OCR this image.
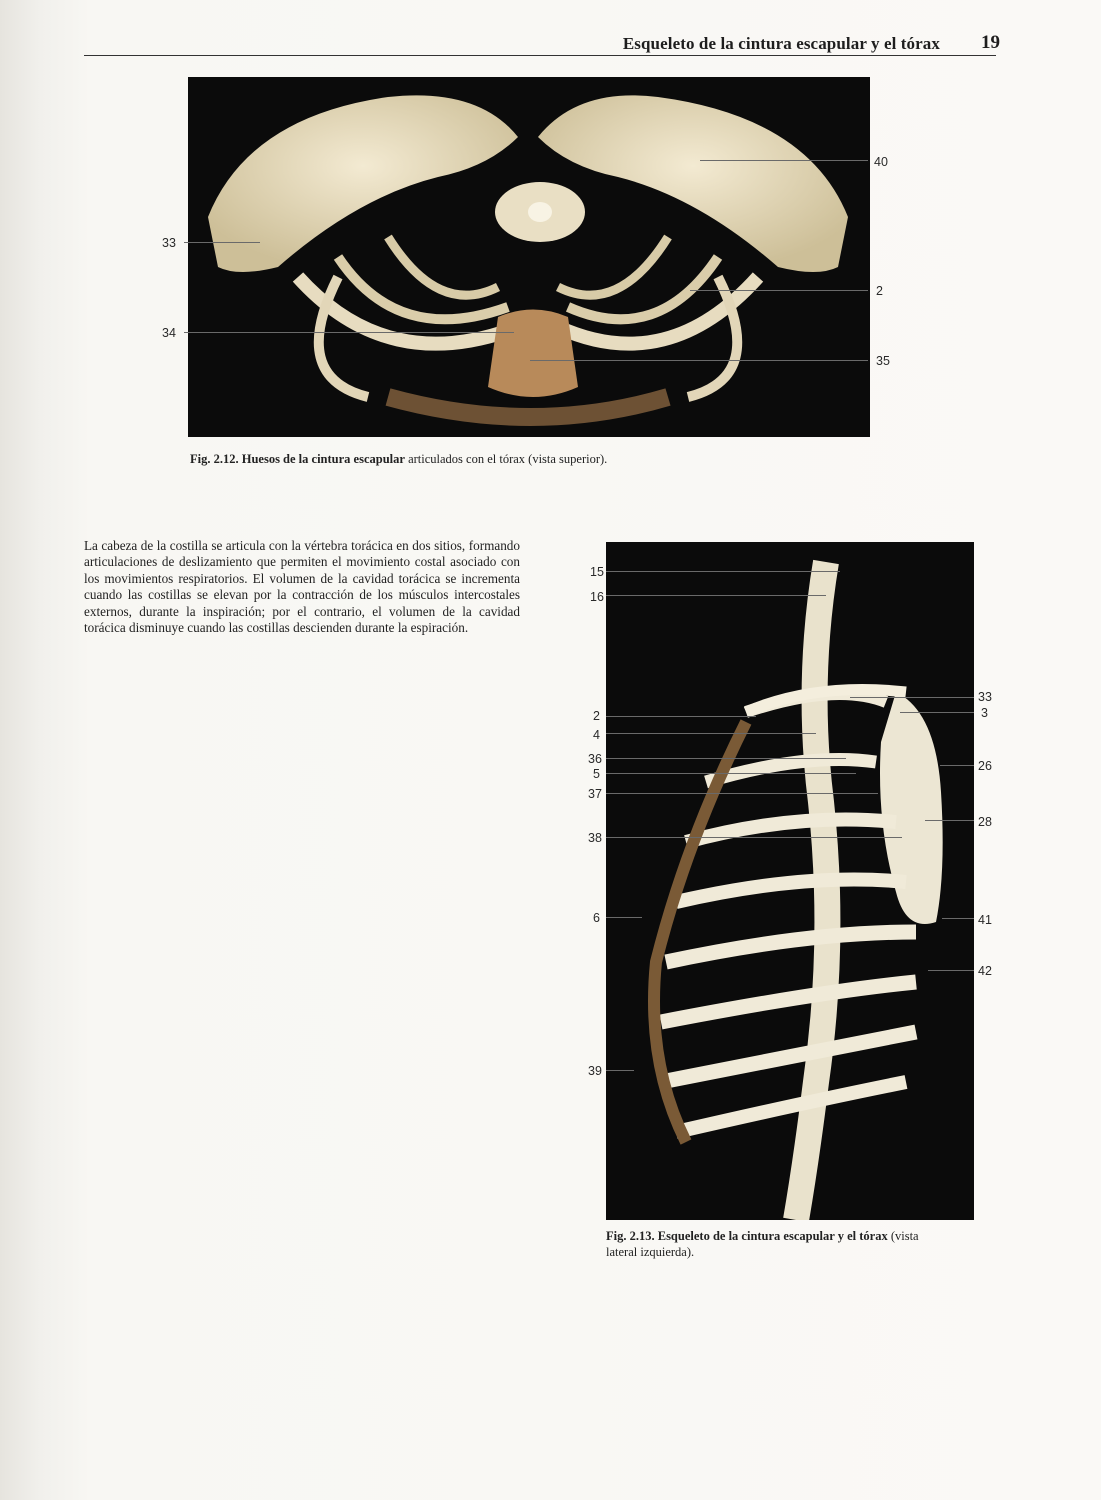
Esqueleto de la cintura escapular y el tórax	19
40
33
2
34
35
Fig. 2.12. Huesos de la cintura escapular articulados con el tórax (vista superior).
La cabeza de la costilla se articula con la vértebra torácica en dos sitios, formando articulaciones de deslizamiento que permiten el movimiento costal asociado con los movimientos respiratorios. El volumen de la cavidad torácica se incrementa cuando las costillas se elevan por la contracción de los músculos intercostales externos, durante la inspiración; por el contrario, el volumen de la cavidad torácica disminuye cuando las costillas descienden durante la espiración.
15
16
2
4
36
5
37
38
6
39
33
3
26
28
41
42
Fig. 2.13. Esqueleto de la cintura escapular y el tórax (vista lateral izquierda).
